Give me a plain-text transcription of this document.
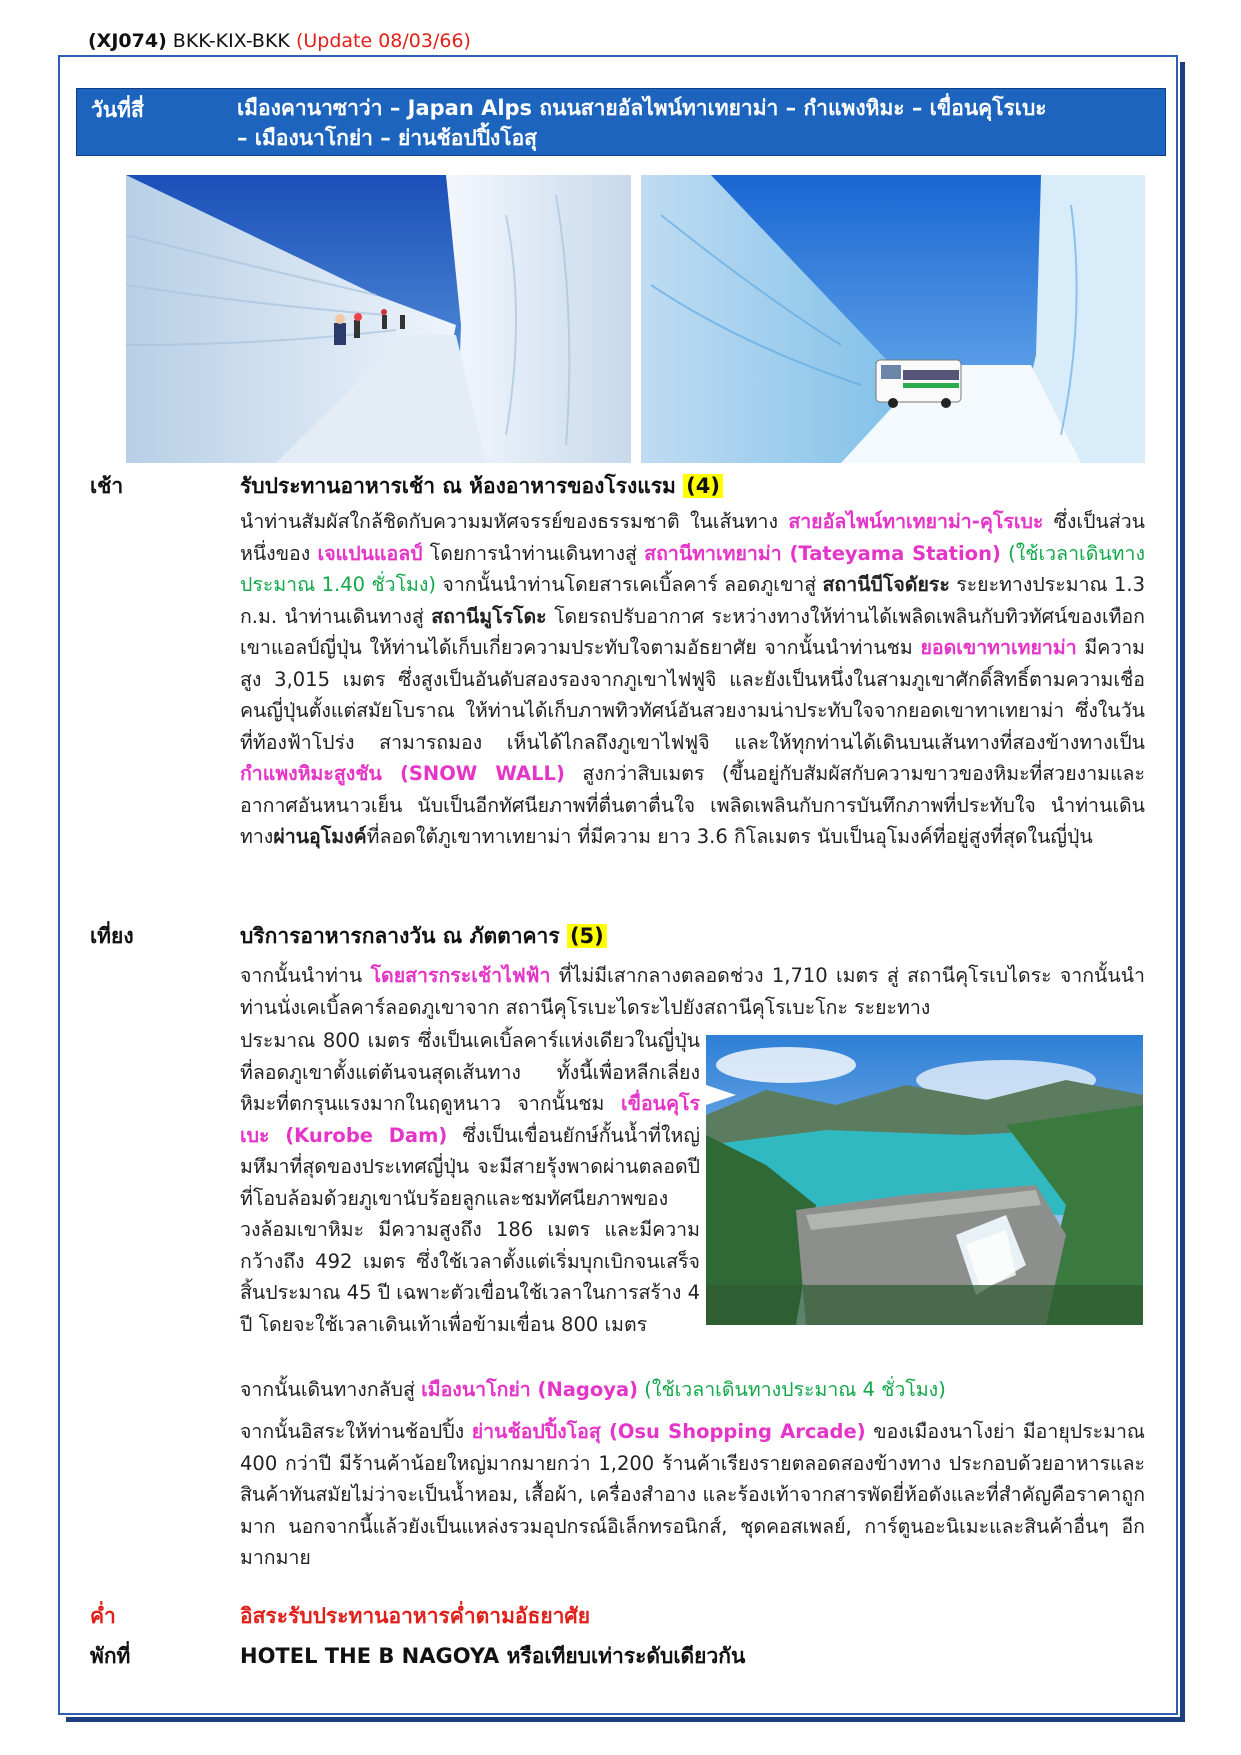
(XJ074) BKK-KIX-BKK (Update 08/03/66)
วันที่สี่	เมืองคานาซาว่า – Japan Alps ถนนสายอัลไพน์ทาเทยาม่า – กำแพงหิมะ – เขื่อนคุโรเบะ
– เมืองนาโกย่า – ย่านช้อปปิ้งโอสุ
เช้า	รับประทานอาหารเช้า ณ ห้องอาหารของโรงแรม (4)
นำท่านสัมผัสใกล้ชิดกับความมหัศจรรย์ของธรรมชาติ ในเส้นทาง สายอัลไพน์ทาเทยาม่า-คุโรเบะ ซึ่งเป็นส่วนหนึ่งของ เจแปนแอลป์ โดยการนำท่านเดินทางสู่ สถานีทาเทยาม่า (Tateyama Station) (ใช้เวลาเดินทางประมาณ 1.40 ชั่วโมง) จากนั้นนำท่านโดยสารเคเบิ้ลคาร์ ลอดภูเขาสู่ สถานีบีโจดัยระ ระยะทางประมาณ 1.3 ก.ม. นำท่านเดินทางสู่ สถานีมูโรโดะ โดยรถปรับอากาศ ระหว่างทางให้ท่านได้เพลิดเพลินกับทิวทัศน์ของเทือกเขาแอลป์ญี่ปุ่น ให้ท่านได้เก็บเกี่ยวความประทับใจตามอัธยาศัย จากนั้นนำท่านชม ยอดเขาทาเทยาม่า มีความสูง 3,015 เมตร ซึ่งสูงเป็นอันดับสองรองจากภูเขาไฟฟูจิ และยังเป็นหนึ่งในสามภูเขาศักดิ์สิทธิ์ตามความเชื่อคนญี่ปุ่นตั้งแต่สมัยโบราณ ให้ท่านได้เก็บภาพทิวทัศน์อันสวยงามน่าประทับใจจากยอดเขาทาเทยาม่า ซึ่งในวันที่ท้องฟ้าโปร่ง สามารถมอง เห็นได้ไกลถึงภูเขาไฟฟูจิ และให้ทุกท่านได้เดินบนเส้นทางที่สองข้างทางเป็น กำแพงหิมะสูงชัน (SNOW WALL) สูงกว่าสิบเมตร (ขึ้นอยู่กับสัมผัสกับความขาวของหิมะที่สวยงามและอากาศอันหนาวเย็น นับเป็นอีกทัศนียภาพที่ตื่นตาตื่นใจ เพลิดเพลินกับการบันทึกภาพที่ประทับใจ นำท่านเดินทางผ่านอุโมงค์ที่ลอดใต้ภูเขาทาเทยาม่า ที่มีความ ยาว 3.6 กิโลเมตร นับเป็นอุโมงค์ที่อยู่สูงที่สุดในญี่ปุ่น
เที่ยง	บริการอาหารกลางวัน ณ ภัตตาคาร (5)
จากนั้นนำท่าน โดยสารกระเช้าไฟฟ้า ที่ไม่มีเสากลางตลอดช่วง 1,710 เมตร สู่ สถานีคุโรเบไดระ จากนั้นนำท่านนั่งเคเบิ้ลคาร์ลอดภูเขาจาก สถานีคุโรเบะไดระไปยังสถานีคุโรเบะโกะ ระยะทาง
ประมาณ 800 เมตร ซึ่งเป็นเคเบิ้ลคาร์แห่งเดียวในญี่ปุ่นที่ลอดภูเขาตั้งแต่ต้นจนสุดเส้นทาง ทั้งนี้เพื่อหลีกเลี่ยงหิมะที่ตกรุนแรงมากในฤดูหนาว จากนั้นชม เขื่อนคุโรเบะ (Kurobe Dam) ซึ่งเป็นเขื่อนยักษ์กั้นน้ำที่ใหญ่มหึมาที่สุดของประเทศญี่ปุ่น จะมีสายรุ้งพาดผ่านตลอดปี ที่โอบล้อมด้วยภูเขานับร้อยลูกและชมทัศนียภาพของวงล้อมเขาหิมะ มีความสูงถึง 186 เมตร และมีความกว้างถึง 492 เมตร ซึ่งใช้เวลาตั้งแต่เริ่มบุกเบิกจนเสร็จสิ้นประมาณ 45 ปี เฉพาะตัวเขื่อนใช้เวลาในการสร้าง 4 ปี โดยจะใช้เวลาเดินเท้าเพื่อข้ามเขื่อน 800 เมตร
จากนั้นเดินทางกลับสู่ เมืองนาโกย่า (Nagoya) (ใช้เวลาเดินทางประมาณ 4 ชั่วโมง)
จากนั้นอิสระให้ท่านช้อปปิ้ง ย่านช้อปปิ้งโอสุ (Osu Shopping Arcade) ของเมืองนาโงย่า มีอายุประมาณ 400 กว่าปี มีร้านค้าน้อยใหญ่มากมายกว่า 1,200 ร้านค้าเรียงรายตลอดสองข้างทาง ประกอบด้วยอาหารและสินค้าทันสมัยไม่ว่าจะเป็นน้ำหอม, เสื้อผ้า, เครื่องสำอาง และร้องเท้าจากสารพัดยี่ห้อดังและที่สำคัญคือราคาถูกมาก นอกจากนี้แล้วยังเป็นแหล่งรวมอุปกรณ์อิเล็กทรอนิกส์, ชุดคอสเพลย์, การ์ตูนอะนิเมะและสินค้าอื่นๆ อีกมากมาย
ค่ำ	อิสระรับประทานอาหารค่ำตามอัธยาศัย
พักที่	HOTEL THE B NAGOYA หรือเทียบเท่าระดับเดียวกัน
